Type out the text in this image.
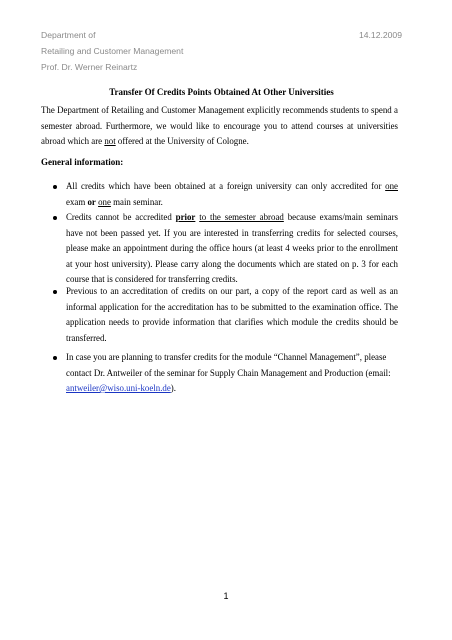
Department of
Retailing and Customer Management
Prof. Dr. Werner Reinartz
14.12.2009
Transfer Of Credits Points Obtained At Other Universities
The Department of Retailing and Customer Management explicitly recommends students to spend a semester abroad. Furthermore, we would like to encourage you to attend courses at universities abroad which are not offered at the University of Cologne.
General information:
All credits which have been obtained at a foreign university can only accredited for one exam or one main seminar.
Credits cannot be accredited prior to the semester abroad because exams/main seminars have not been passed yet. If you are interested in transferring credits for selected courses, please make an appointment during the office hours (at least 4 weeks prior to the enrollment at your host university). Please carry along the documents which are stated on p. 3 for each course that is considered for transferring credits.
Previous to an accreditation of credits on our part, a copy of the report card as well as an informal application for the accreditation has to be submitted to the examination office. The application needs to provide information that clarifies which module the credits should be transferred.
In case you are planning to transfer credits for the module “Channel Management”, please contact Dr. Antweiler of the seminar for Supply Chain Management and Production (email: antweiler@wiso.uni-koeln.de).
1
